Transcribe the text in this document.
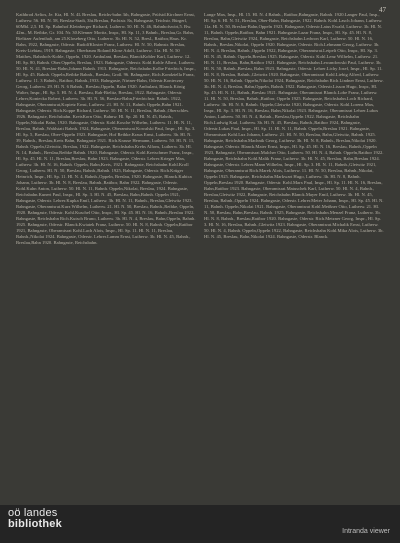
47
Kathbrod Aelios, Je. Kia, Hl. N. 4L Breslau, Reichs-bahn 3th, Bahngaste, Prüfstd.Kirchner Ernst, Lutherw. 56. Hl. N. 58, Breslau-Stadt, 3ht.Breslau, Pachtstr. 8a, Bahngaste, Teichstr. Bürgerl, 60Mbl. 2,5. Hl. Sp. Bahnhof.Kleinberger Richard, Lutherw. 50. Hl. N. 46, Bahnhofswirt,5. Bw. 42m., M. Reibke, Gr. 104. Nr. 30.Klenner Moritz, Inspr., Hl. Sp. 11, 3 Bahnh., Breslau,Gr. Bahn, Bielitzer Aufenthalt, am 25.Kloseberg Otto, Lutherw. 3b. Hl. N. 52, Bresl., Ratibor,Haus. Kr. Bahn, 1922, Bahngaste, Oderstr. RudolfKloster Franz, Lutherw. Hl. N. 50, Bahnstr. Breslau, Kreis-Liebiau, 1919. Bahngaste, Oberbaum Roland.Klose Adolf, Lutherw. 11a. Hl. N. 50 Matthes, Bahnhofs-Kohle, Oppeln, 1920. Ambulant, Breslau, BlanckKobler Karl, Lutherw. 12. Hl. Sp. 80, Bahnh. Ober.Oppeln, Breslau, 1923. Bahngaste, Oderstr. Kohl.Kohle Albert, Lutherw. 50. Hl. N. 41, Breslau-Bahn,Johann Bahnh. 1913. Bahngaste, Reichsbahn.Kolbe Friedrich, Inspr., Hl. Sp. 45. Bahnh. Oppeln,Reibke Bahnh., Breslau, Groß. 96. Bahngaste, Rich.Kondziella Franz, Lutherw. 11. 3 Bahnh., Ratibor, Bahnh.,1933. Bahngaste, Nirtner-Bahn, Oderstr.Konieczny Georg, Lutherw. 29. Hl. N. 6 Bahnh., Breslau,Oppeln, Bahn 1920. Ambulant, Blanck.König Walter, Inspr., Hl. Sp. 5. Hl. N. 4, Breslau, Rah-Bielitz, Breslau, 1922. Bahngaste, Oderstr. Lehrer,Koniecka Robert, Lutherw. 3b. Hl. N. 56, Breslau-Bahn,Friedrichstr. Bahnh. 1922, Bahngaste, Oberamtsrat,Kopietz Ernst, Lutherw. 21. Hl. N. 11, Bahnh. Oppeln,Bahn 1921. Bahngaste, Oderstr. Rich.Koppe Richard, Lutherw. 50. Hl. N. 11, Breslau, Bahnh.,Oberschles. 1926. Bahngaste, Reichsbahn. KreisKorn Otto, Bahnw. Hl. Sp. 20. Hl. N. 45, Bahnh., Oppeln,Nikolai Bahn, 1920. Bahngaste, Oderstr. Kohl.Kosche Wilhelm, Lutherw. 11. Hl. N. 11, Breslau, Bahnh.,Wahlstatt Bahnh. 1924, Bahngaste, Oberamtsrat.Kowalski Paul, Inspr., Hl. Sp. 3. Hl. Sp. 5, Breslau, Ober-Oppeln 1923. Bahngaste, Hof Reibke.Kraus Ernst, Lutherw. 3b. Hl. N. 39, Bahnh., Breslau,Kreis Bahn, Bahngaste 1921. Rich.Krause Hermann, Lutherw. 50. Hl. N. 11, Bahnh. Oppeln,Gleiwitz, Breslau, 1922. Bahngaste, Reichsbahn.Krebs Alfons, Lutherw. 3b. Hl. N. 14, Bahnh., Breslau,Reibke Bahnh. 1920, Bahngaste, Oderstr. Kohl.Kretschmer Franz, Inspr., Hl. Sp. 45. Hl. N. 11, Breslau,Breslau, Bahn 1923. Bahngaste, Oderstr. Lehrer.Krieger Max, Lutherw. 3b. Hl. N. 16, Bahnh. Oppeln, Bahn,Kreis, 1921. Bahngaste, Reichsbahn Kohl.Kroll Georg, Lutherw. Hl. N. 50, Breslau, Bahnh.,Bahnh. 1925, Bahngaste, Oderstr. Rich.Krüger Heinrich, Inspr., Hl. Sp. 11. Hl. N. 4, Bahnh.,Oppeln, Breslau, 1920. Bahngaste, Blanck.Kubica Johann, Lutherw. 3b. Hl. N. 8, Breslau, Bahnh.,Ratibor, Bahn 1922. Bahngaste, Oderstr. Kohl.Kuhn Anton, Lutherw. 50. Hl. N. 11, Bahnh. Oppeln,Nikolai, Breslau, 1924. Bahngaste, Reichsbahn.Kunert Paul, Inspr., Hl. Sp. 3. Hl. N. 45, Breslau, Bahn,Bahnh. Oppeln 1921, Bahngaste, Oderstr. Lehrer.Kupka Emil, Lutherw. 3b. Hl. N. 11, Bahnh., Breslau,Gleiwitz 1923. Bahngaste, Oberamtsrat.Kurz Wilhelm, Lutherw. 21. Hl. N. 50, Breslau, Bahnh.,Reibke, Oppeln, 1920. Bahngaste, Oderstr. Kohl.Kuschel Otto, Inspr., Hl. Sp. 45. Hl. N. 16, Bahnh.,Breslau 1922. Bahngaste, Reichsbahn Rich.Kutsch Bruno, Lutherw. 3b. Hl. N. 4, Breslau, Bahn,Oppeln, Bahnh. 1925. Bahngaste, Oderstr. Blanck.Kwiatek Franz, Lutherw. 50. Hl. N. 8, Bahnh. Oppeln,Ratibor 1921, Bahngaste, Oberamtsrat Kohl.Lach Alois, Inspr., Hl. Sp. 11. Hl. N. 11, Breslau, Bahnh.,Nikolai 1924. Bahngaste, Oderstr. Lehrer.Lamm Ernst, Lutherw. 3b. Hl. N. 45, Bahnh., Breslau,Bahn 1920. Bahngaste, Reichsbahn.
Lange Max, Insp., Hl. 15. Hl. N. 4 Bahnh., Ratibor,Bahngaste, Bahnh. 1920.Langer Paul, Insp., Hl. Sp. 6. Hl. N. 51, Breslau, Ober-Bahn, Bahngaste, 1922. Bahnh. Kohl.Lasch Johann, Lutherw. 11a. Hl. N. 50, Breslau-Bahn,Oppeln 1923. Bahngaste, Oderstr.Latus Ewald, Lutherw. 3b. Hl. N. 11, Bahnh. Oppeln,Ratibor, Bahn 1921. Bahngaste.Lazar Franz, Inspr., Hl. Sp. 45. Hl. N. 8, Breslau, Bahn,Gleiwitz 1924, Bahngaste, Reichsbahn.Ledwon Karl, Lutherw. 50. Hl. N. 16, Bahnh., Breslau,Nikolai, Oppeln 1920. Bahngaste, Oderstr. Rich.Lehmann Georg, Lutherw. 3b. Hl. N. 4, Breslau, Bahnh.,Oppeln 1922, Bahngaste, Oberamtsrat.Leipelt Otto, Inspr., Hl. Sp. 3. Hl. N. 45, Bahnh. Oppeln,Breslau 1925. Bahngaste, Oderstr. Kohl.Lenz Wilhelm, Lutherw. 21. Hl. N. 11, Breslau, Bahn,Ratibor 1921. Bahngaste, Reichsbahn.Lewandowski Paul, Lutherw. 3b. Hl. N. 50, Bahnh.,Breslau, Bahn 1923. Bahngaste, Oderstr. Lehrer.Lichy Josef, Inspr., Hl. Sp. 11. Hl. N. 8, Breslau, Bahnh.,Gleiwitz 1920. Bahngaste, Oberamtsrat Kohl.Liebig Alfred, Lutherw. 50. Hl. N. 16, Bahnh. Oppeln,Nikolai 1924, Bahngaste, Reichsbahn Rich.Lindner Ernst, Lutherw. 3b. Hl. N. 4, Breslau, Bahn,Oppeln, Bahnh. 1922. Bahngaste, Oderstr.Lisson Hugo, Inspr., Hl. Sp. 45. Hl. N. 11, Bahnh.,Breslau 1921. Bahngaste, Oberamtsrat Blanck.Lobe Franz, Lutherw. 11. Hl. N. 50, Breslau, Bahnh.,Ratibor, Oppeln 1925. Bahngaste, Reichsbahn.Loch Richard, Lutherw. 3b. Hl. N. 8, Bahnh. Oppeln,Gleiwitz 1920, Bahngaste, Oderstr. Kohl.Lorenz Max, Inspr., Hl. Sp. 3. Hl. N. 16, Breslau, Bahn,Nikolai 1923. Bahngaste, Oberamtsrat Lehrer.Lubos Anton, Lutherw. 50. Hl. N. 4, Bahnh., Breslau,Oppeln 1922. Bahngaste, Reichsbahn Rich.Ludwig Karl, Lutherw. 3b. Hl. N. 45, Breslau, Bahnh.,Ratibor 1924, Bahngaste, Oderstr.Lukas Paul, Inspr., Hl. Sp. 11. Hl. N. 11, Bahnh. Oppeln,Breslau 1921. Bahngaste, Oberamtsrat Kohl.Lux Johann, Lutherw. 21. Hl. N. 50, Breslau, Bahn,Gleiwitz, Bahnh. 1925. Bahngaste, Reichsbahn.Machnik Georg, Lutherw. 3b. Hl. N. 8, Bahnh., Breslau,Nikolai 1920. Bahngaste, Oderstr. Blanck.Maier Ernst, Inspr., Hl. Sp. 45. Hl. N. 16, Breslau, Bahnh.,Oppeln 1923, Bahngaste, Oberamtsrat.Malcher Otto, Lutherw. 50. Hl. N. 4, Bahnh. Oppeln,Ratibor 1922. Bahngaste, Reichsbahn Kohl.Malik Franz, Lutherw. 3b. Hl. N. 45, Breslau, Bahn,Breslau 1924. Bahngaste, Oderstr. Lehrer.Mann Wilhelm, Inspr., Hl. Sp. 3. Hl. N. 11, Bahnh.,Gleiwitz 1921, Bahngaste, Oberamtsrat Rich.Marek Alois, Lutherw. 11. Hl. N. 50, Breslau, Bahnh.,Nikolai, Oppeln 1925. Bahngaste, Reichsbahn.Markwart Hugo, Lutherw. 3b. Hl. N. 8, Bahnh. Oppeln,Breslau 1920. Bahngaste, Oderstr. Kohl.Marx Paul, Inspr., Hl. Sp. 11. Hl. N. 16, Breslau, Bahn,Ratibor 1923. Bahngaste, Oberamtsrat.Matuschek Karl, Lutherw. 50. Hl. N. 4, Bahnh., Breslau,Gleiwitz 1922, Bahngaste, Reichsbahn Blanck.Mayer Emil, Lutherw. 3b. Hl. N. 45, Breslau, Bahnh.,Oppeln 1924. Bahngaste, Oderstr. Lehrer.Meier Johann, Inspr., Hl. Sp. 45. Hl. N. 11, Bahnh. Oppeln,Nikolai 1921. Bahngaste, Oberamtsrat Kohl.Meißner Otto, Lutherw. 21. Hl. N. 50, Breslau, Bahn,Breslau, Bahnh. 1925, Bahngaste, Reichsbahn.Menzel Franz, Lutherw. 3b. Hl. N. 8, Bahnh., Breslau,Ratibor 1920. Bahngaste, Oderstr. Rich.Metzner Georg, Inspr., Hl. Sp. 3. Hl. N. 16, Breslau, Bahnh.,Gleiwitz 1923. Bahngaste, Oberamtsrat.Michalik Ernst, Lutherw. 50. Hl. N. 4, Bahnh. Oppeln,Oppeln 1922, Bahngaste, Reichsbahn Kohl.Mika Alois, Lutherw. 3b. Hl. N. 45, Breslau, Bahn,Nikolai 1924. Bahngaste, Oderstr. Blanck.
oö landes
bibliothek
Intranda viewer
